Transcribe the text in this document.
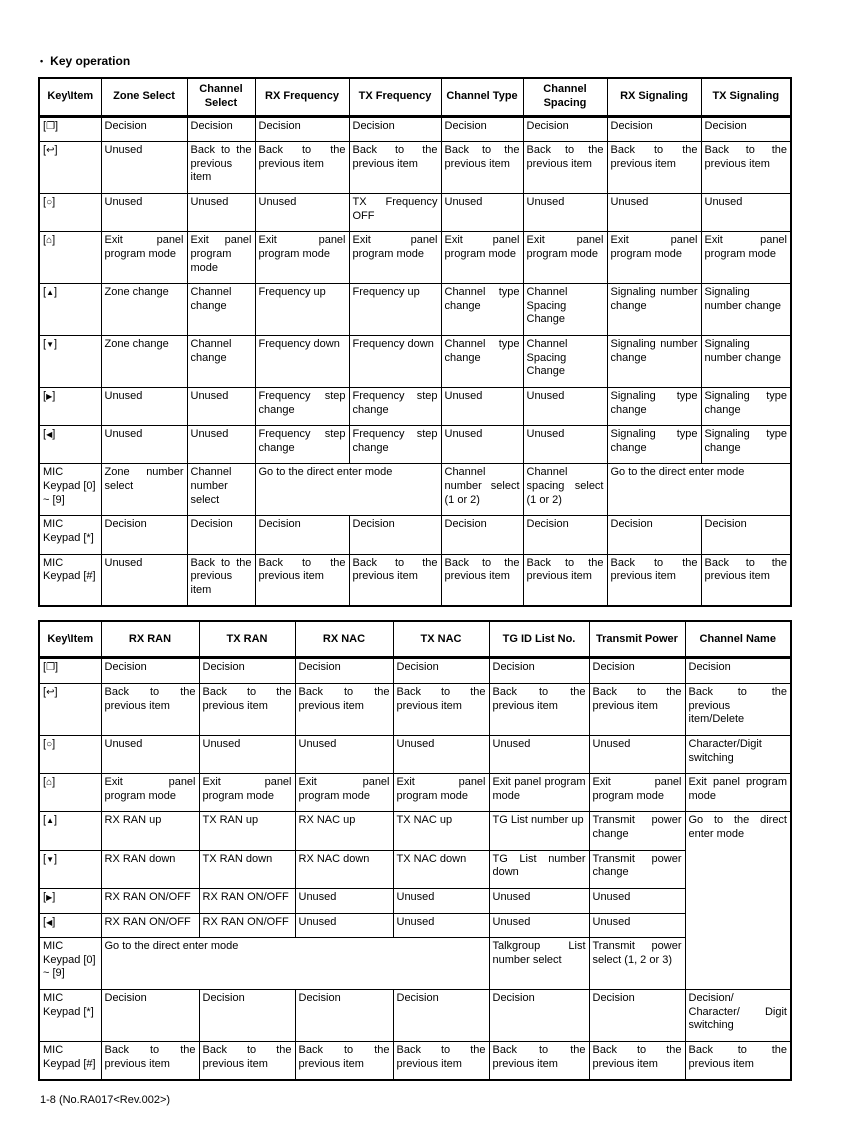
• Key operation
Key\Item	Zone Select	Channel Select	RX Frequency	TX Frequency	Channel Type	Channel Spacing	RX Signaling	TX Signaling
[❐]	Decision	Decision	Decision	Decision	Decision	Decision	Decision	Decision
[↩]	Unused	Back to the previous item	Back to the previous item	Back to the previous item	Back to the previous item	Back to the previous item	Back to the previous item	Back to the previous item
[○]	Unused	Unused	Unused	TX Frequency OFF	Unused	Unused	Unused	Unused
[⌂]	Exit panel program mode	Exit panel program mode	Exit panel program mode	Exit panel program mode	Exit panel program mode	Exit panel program mode	Exit panel program mode	Exit panel program mode
[▲]	Zone change	Channel change	Frequency up	Frequency up	Channel type change	Channel Spacing Change	Signaling number change	Signaling number change
[▼]	Zone change	Channel change	Frequency down	Frequency down	Channel type change	Channel Spacing Change	Signaling number change	Signaling number change
[▶]	Unused	Unused	Frequency step change	Frequency step change	Unused	Unused	Signaling type change	Signaling type change
[◀]	Unused	Unused	Frequency step change	Frequency step change	Unused	Unused	Signaling type change	Signaling type change
MIC Keypad [0] ~ [9]	Zone number select	Channel number select	Go to the direct enter mode		Channel number select (1 or 2)	Channel spacing select (1 or 2)	Go to the direct enter mode	
MIC Keypad [*]	Decision	Decision	Decision	Decision	Decision	Decision	Decision	Decision
MIC Keypad [#]	Unused	Back to the previous item	Back to the previous item	Back to the previous item	Back to the previous item	Back to the previous item	Back to the previous item	Back to the previous item
Key\Item	RX RAN	TX RAN	RX NAC	TX NAC	TG ID List No.	Transmit Power	Channel Name
[❐]	Decision	Decision	Decision	Decision	Decision	Decision	Decision
[↩]	Back to the previous item	Back to the previous item	Back to the previous item	Back to the previous item	Back to the previous item	Back to the previous item	Back to the previous item/Delete
[○]	Unused	Unused	Unused	Unused	Unused	Unused	Character/Digit switching
[⌂]	Exit panel program mode	Exit panel program mode	Exit panel program mode	Exit panel program mode	Exit panel program mode	Exit panel program mode	Exit panel program mode
[▲]	RX RAN up	TX RAN up	RX NAC up	TX NAC up	TG List number up	Transmit power change	Go to the direct enter mode
[▼]	RX RAN down	TX RAN down	RX NAC down	TX NAC down	TG List number down	Transmit power change	
[▶]	RX RAN ON/OFF	RX RAN ON/OFF	Unused	Unused	Unused	Unused	
[◀]	RX RAN ON/OFF	RX RAN ON/OFF	Unused	Unused	Unused	Unused	
MIC Keypad [0] ~ [9]	Go to the direct enter mode				Talkgroup List number select	Transmit power select (1, 2 or 3)	
MIC Keypad [*]	Decision	Decision	Decision	Decision	Decision	Decision	Decision/ Character/ Digit switching
MIC Keypad [#]	Back to the previous item	Back to the previous item	Back to the previous item	Back to the previous item	Back to the previous item	Back to the previous item	Back to the previous item
1-8 (No.RA017<Rev.002>)
